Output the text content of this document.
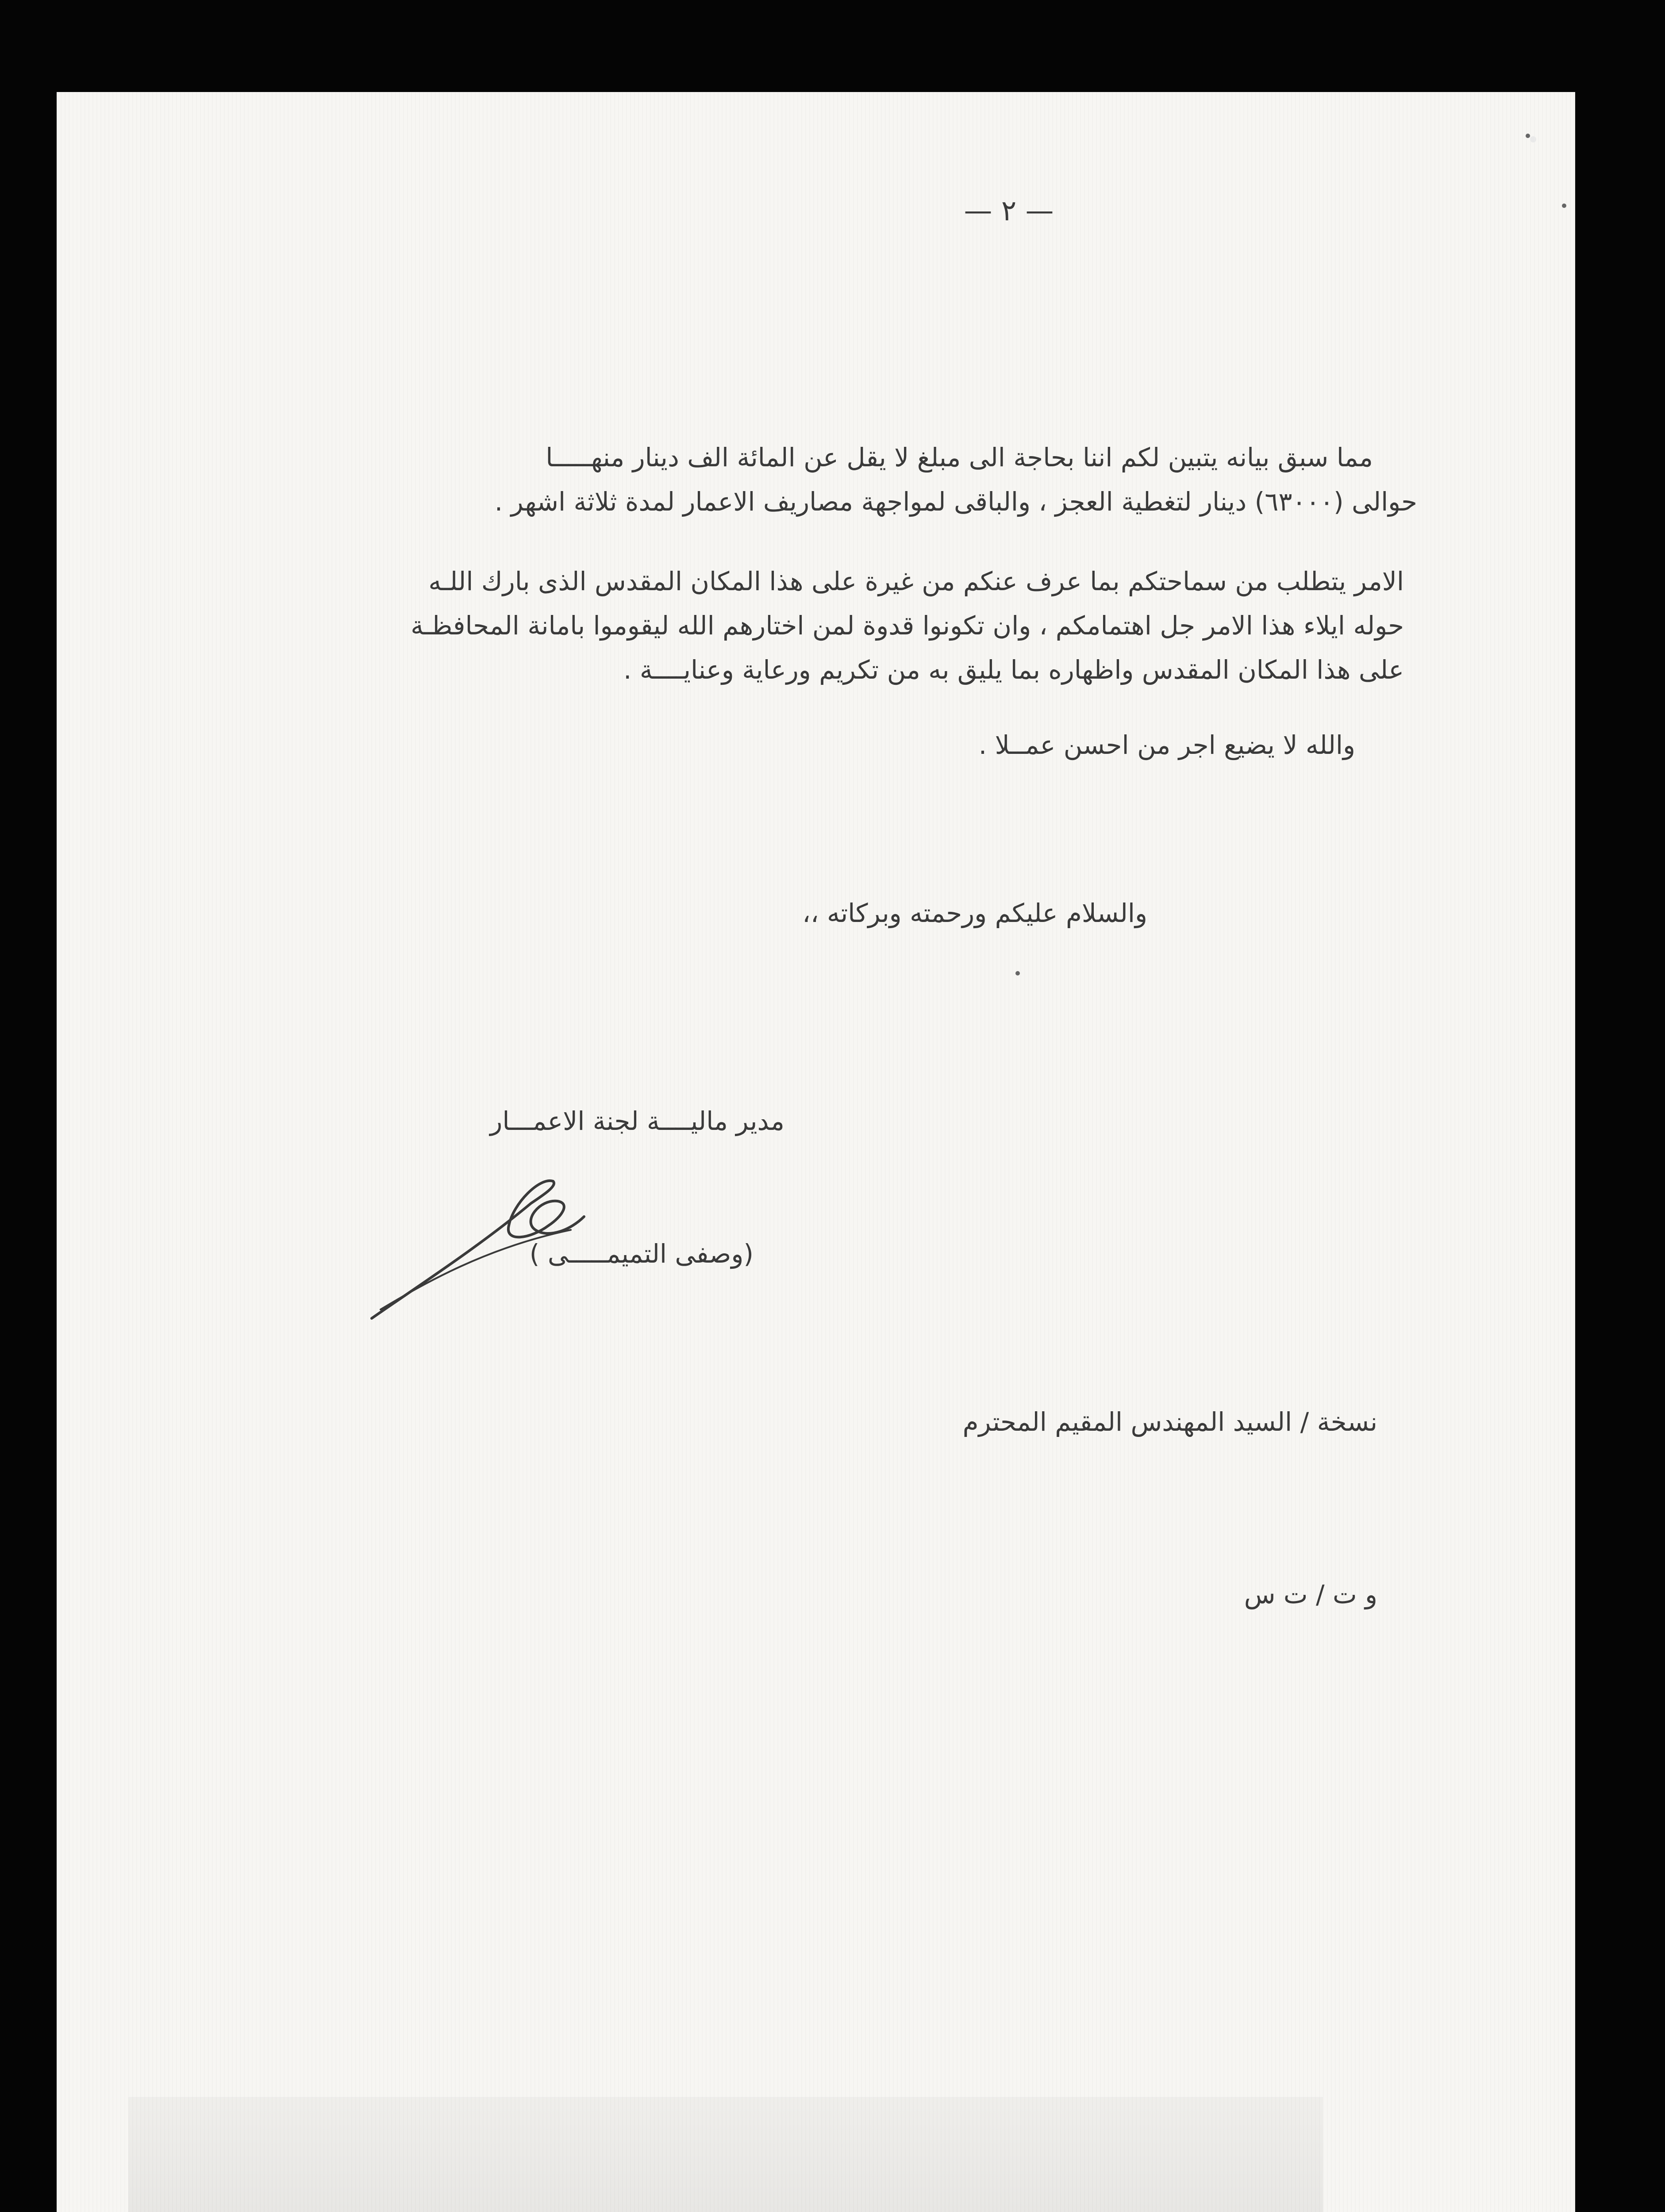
— ٢ —
مما سبق بيانه يتبين لكم اننا بحاجة الى مبلغ لا يقل عن المائة الف دينار منهـــــا
حوالى (٦٣٠٠٠) دينار لتغطية العجز ، والباقى لمواجهة مصاريف الاعمار لمدة ثلاثة اشهر .
الامر يتطلب من سماحتكم بما عرف عنكم من غيرة على هذا المكان المقدس الذى بارك اللـه
حوله ايلاء هذا الامر جل اهتمامكم ، وان تكونوا قدوة لمن اختارهم الله ليقوموا بامانة المحافظـة
على هذا المكان المقدس واظهاره بما يليق به من تكريم ورعاية وعنايــــة .
والله لا يضيع اجر من احسن عمــلا .
والسلام عليكم ورحمته وبركاته ،،
مدير ماليــــة لجنة الاعمـــار
(وصفى التميمـــــى )
نسخة / السيد المهندس المقيم المحترم
و ت / ت س
